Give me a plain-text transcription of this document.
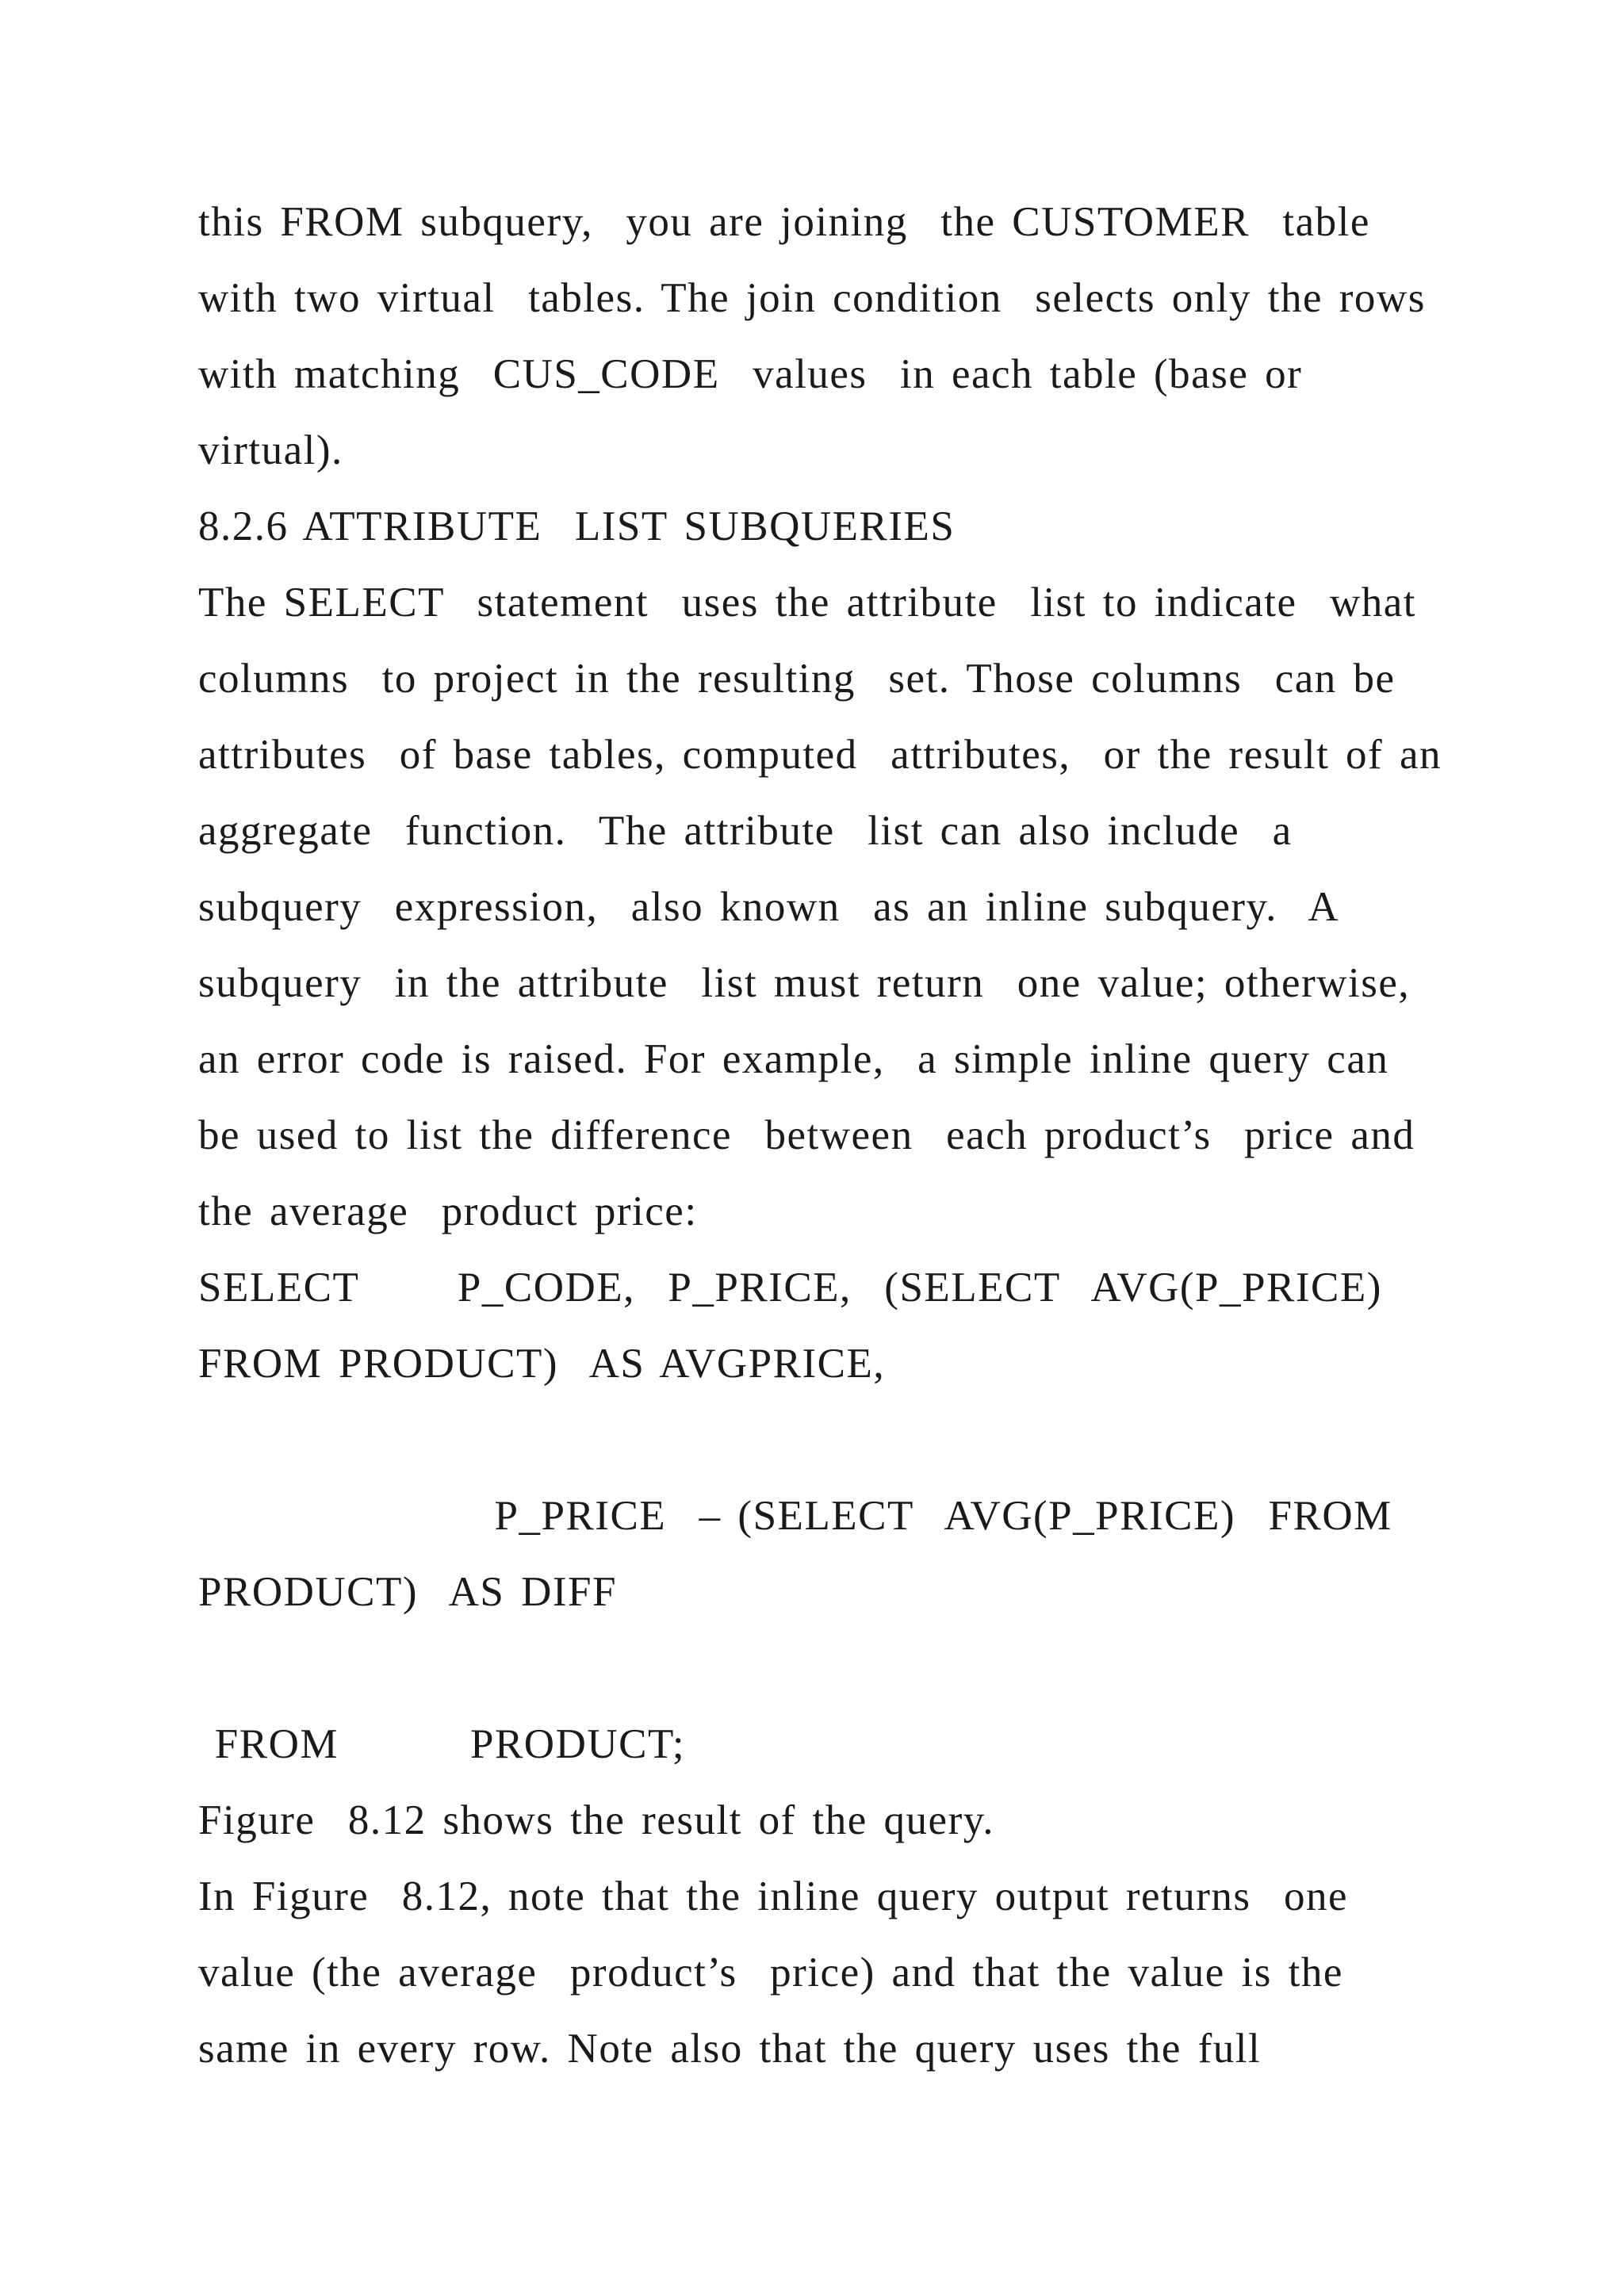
this FROM subquery,  you are joining  the CUSTOMER  table
with two virtual  tables. The join condition  selects only the rows
with matching  CUS_CODE  values  in each table (base or
virtual).
8.2.6 ATTRIBUTE  LIST SUBQUERIES
The SELECT  statement  uses the attribute  list to indicate  what
columns  to project in the resulting  set. Those columns  can be
attributes  of base tables, computed  attributes,  or the result of an
aggregate  function.  The attribute  list can also include  a
subquery  expression,  also known  as an inline subquery.  A
subquery  in the attribute  list must return  one value; otherwise,
an error code is raised. For example,  a simple inline query can
be used to list the difference  between  each product’s  price and
the average  product price:
SELECT      P_CODE,  P_PRICE,  (SELECT  AVG(P_PRICE)
FROM PRODUCT)  AS AVGPRICE,
P_PRICE  – (SELECT  AVG(P_PRICE)  FROM
PRODUCT)  AS DIFF
FROM        PRODUCT;
Figure  8.12 shows the result of the query.
In Figure  8.12, note that the inline query output returns  one
value (the average  product’s  price) and that the value is the
same in every row. Note also that the query uses the full
